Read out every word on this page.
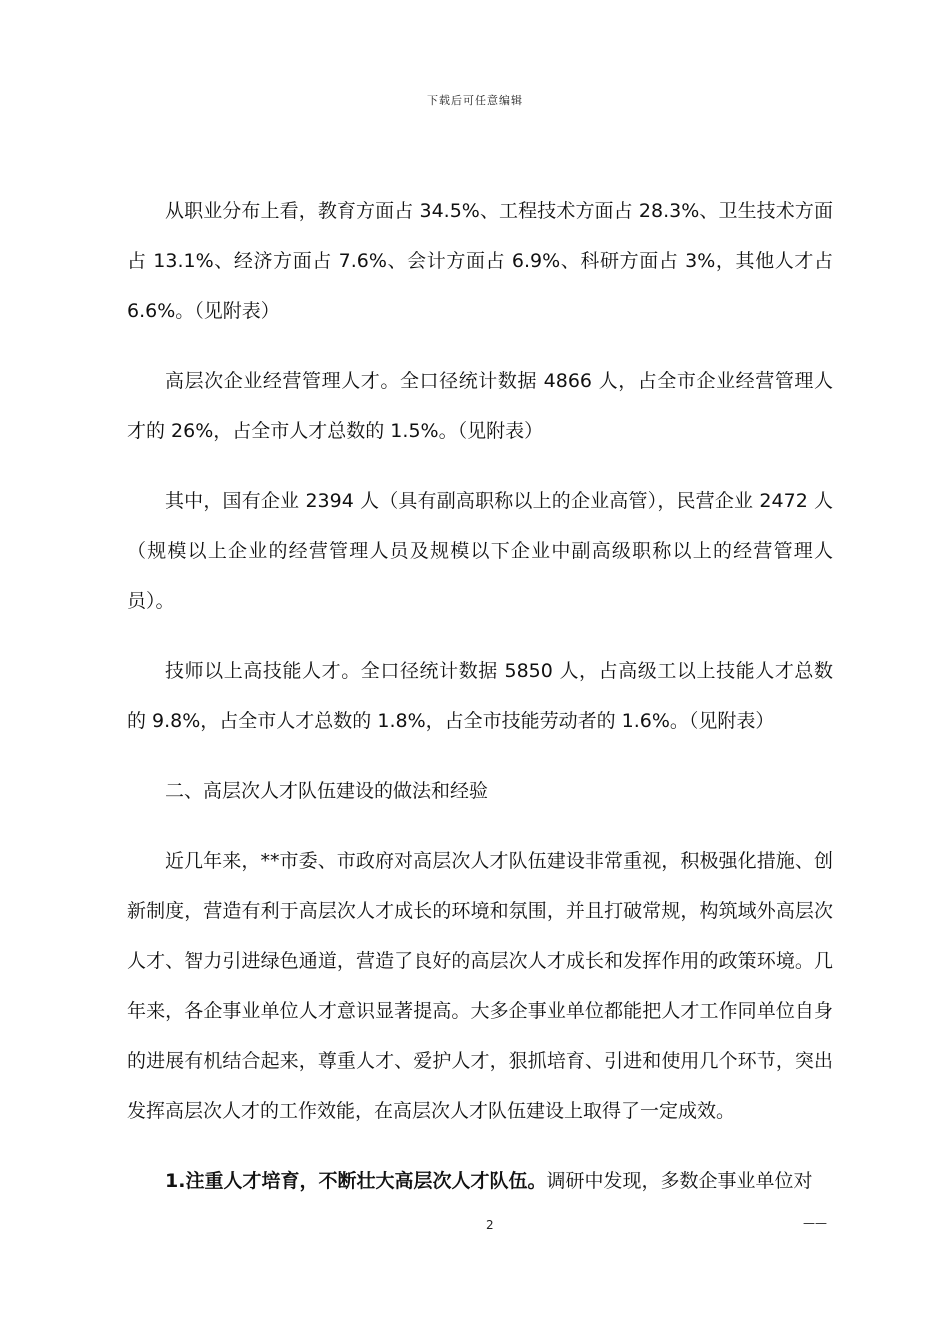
下载后可任意编辑

从职业分布上看，教育方面占 34.5%、工程技术方面占 28.3%、卫生技术方面占 13.1%、经济方面占 7.6%、会计方面占 6.9%、科研方面占 3%，其他人才占 6.6%。（见附表）

高层次企业经营管理人才。全口径统计数据 4866 人，占全市企业经营管理人才的 26%，占全市人才总数的 1.5%。（见附表）

其中，国有企业 2394 人（具有副高职称以上的企业高管），民营企业 2472 人（规模以上企业的经营管理人员及规模以下企业中副高级职称以上的经营管理人员）。

技师以上高技能人才。全口径统计数据 5850 人，占高级工以上技能人才总数的 9.8%，占全市人才总数的 1.8%，占全市技能劳动者的 1.6%。（见附表）

二、高层次人才队伍建设的做法和经验

近几年来，**市委、市政府对高层次人才队伍建设非常重视，积极强化措施、创新制度，营造有利于高层次人才成长的环境和氛围，并且打破常规，构筑域外高层次人才、智力引进绿色通道，营造了良好的高层次人才成长和发挥作用的政策环境。几年来，各企事业单位人才意识显著提高。大多企事业单位都能把人才工作同单位自身的进展有机结合起来，尊重人才、爱护人才，狠抓培育、引进和使用几个环节，突出发挥高层次人才的工作效能，在高层次人才队伍建设上取得了一定成效。

1.注重人才培育，不断壮大高层次人才队伍。调研中发现，多数企事业单位对

2	——
